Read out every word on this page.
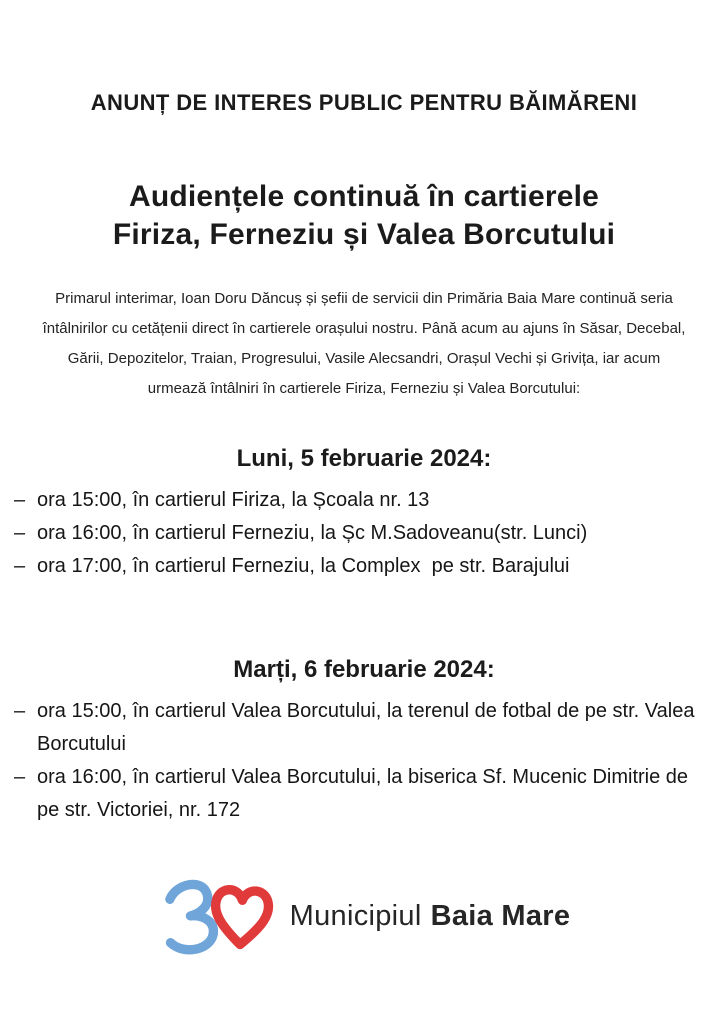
ANUNȚ DE INTERES PUBLIC PENTRU BĂIMĂRENI
Audiențele continuă în cartierele
Firiza, Ferneziu și Valea Borcutului
Primarul interimar, Ioan Doru Dăncuș și șefii de servicii din Primăria Baia Mare continuă seria
întâlnirilor cu cetățenii direct în cartierele orașului nostru. Până acum au ajuns în Săsar, Decebal,
Gării, Depozitelor, Traian, Progresului, Vasile Alecsandri, Orașul Vechi și Grivița, iar acum
urmează întâlniri în cartierele Firiza, Ferneziu și Valea Borcutului:
Luni, 5 februarie 2024:
– ora 15:00, în cartierul Firiza, la Școala nr. 13
– ora 16:00, în cartierul Ferneziu, la Șc M.Sadoveanu(str. Lunci)
– ora 17:00, în cartierul Ferneziu, la Complex  pe str. Barajului
Marți, 6 februarie 2024:
– ora 15:00, în cartierul Valea Borcutului, la terenul de fotbal de pe str. Valea Borcutului
– ora 16:00, în cartierul Valea Borcutului, la biserica Sf. Mucenic Dimitrie de pe str. Victoriei, nr. 172
Municipiul Baia Mare
